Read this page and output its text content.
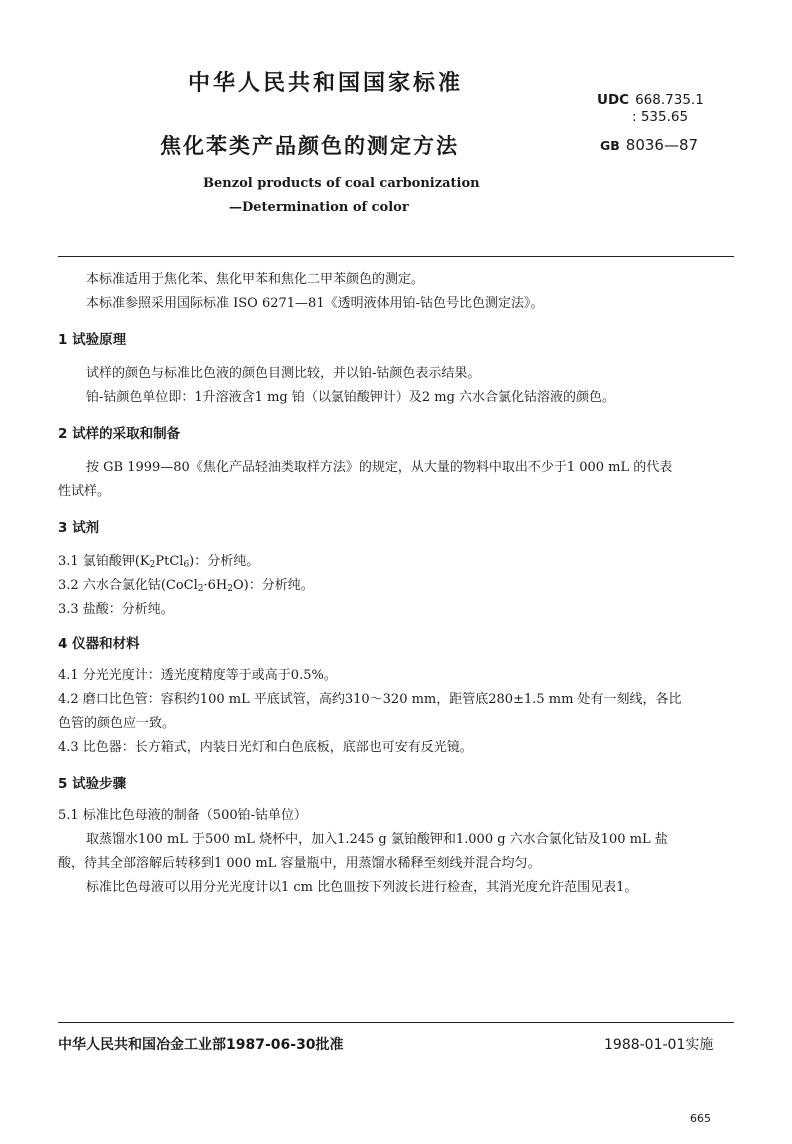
中华人民共和国国家标准
UDC 668.735.1
: 535.65
焦化苯类产品颜色的测定方法	GB 8036—87
Benzol products of coal carbonization
—Determination of color
本标准适用于焦化苯、焦化甲苯和焦化二甲苯颜色的测定。
本标准参照采用国际标准 ISO 6271—81《透明液体用铂-钴色号比色测定法》。
1 试验原理
试样的颜色与标准比色液的颜色目测比较，并以铂-钴颜色表示结果。
铂-钴颜色单位即：1升溶液含1 mg 铂（以氯铂酸钾计）及2 mg 六水合氯化钴溶液的颜色。
2 试样的采取和制备
按 GB 1999—80《焦化产品轻油类取样方法》的规定，从大量的物料中取出不少于1 000 mL 的代表
性试样。
3 试剂
3.1 氯铂酸钾$(K_2PtCl_6)$：分析纯。
3.2 六水合氯化钴$(CoCl_2\cdot 6H_2O)$：分析纯。
3.3 盐酸：分析纯。
4 仪器和材料
4.1 分光光度计：透光度精度等于或高于0.5%。
4.2 磨口比色管：容积约100 mL 平底试管，高约310～320 mm，距管底280±1.5 mm 处有一刻线，各比
色管的颜色应一致。
4.3 比色器：长方箱式，内装日光灯和白色底板，底部也可安有反光镜。
5 试验步骤
5.1 标准比色母液的制备（500铂-钴单位）
取蒸馏水100 mL 于500 mL 烧杯中，加入1.245 g 氯铂酸钾和1.000 g 六水合氯化钴及100 mL 盐
酸，待其全部溶解后转移到1 000 mL 容量瓶中，用蒸馏水稀释至刻线并混合均匀。
标准比色母液可以用分光光度计以1 cm 比色皿按下列波长进行检查，其消光度允许范围见表1。
中华人民共和国冶金工业部1987-06-30批准	1988-01-01实施
665
